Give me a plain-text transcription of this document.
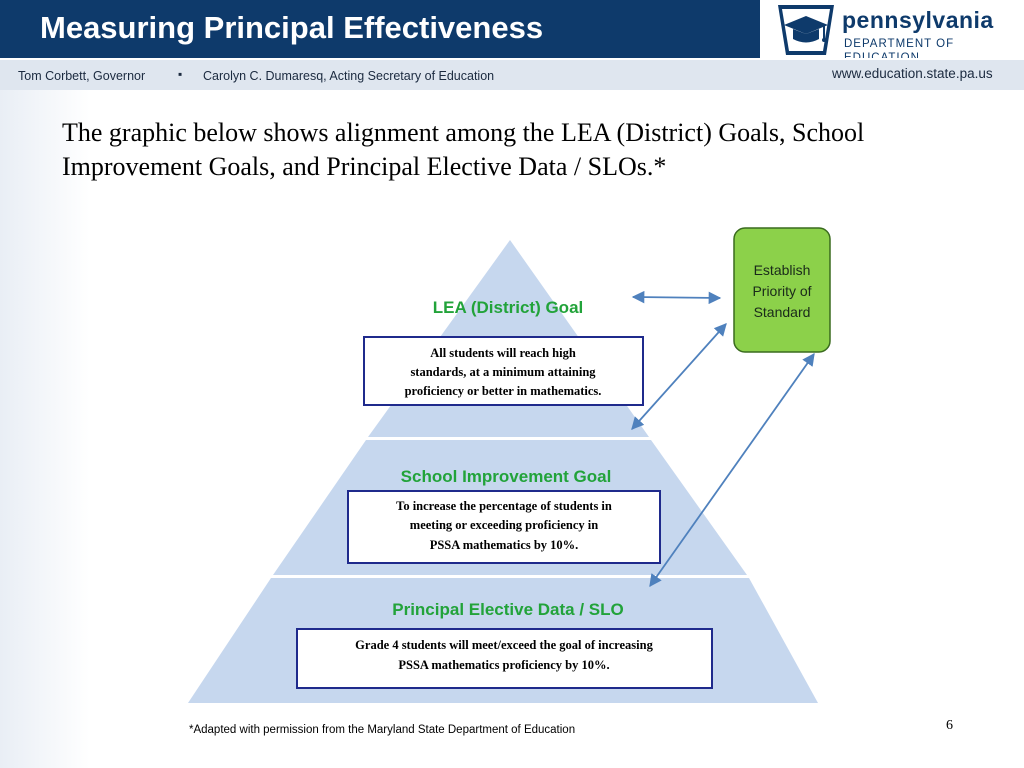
Measuring Principal Effectiveness	pennsylvania
DEPARTMENT OF
Tom Corbett, Governor	▪ Carolyn C. Dumaresq, Acting Secretary of Education	www.education.state.pa.us
The graphic below shows alignment among the LEA (District) Goals, School Improvement Goals, and Principal Elective Data / SLOs.*
LEA (District) Goal
School Improvement Goal
Principal Elective Data / SLO
All students will reach high
standards, at a minimum attaining
proficiency or better in mathematics.
To increase the percentage of students in
meeting or exceeding proficiency in
PSSA mathematics by 10%.
Grade 4 students will meet/exceed the goal of increasing
PSSA mathematics proficiency by 10%.
Establish
Priority of
Standard
*Adapted with permission from the Maryland State Department of Education	6
